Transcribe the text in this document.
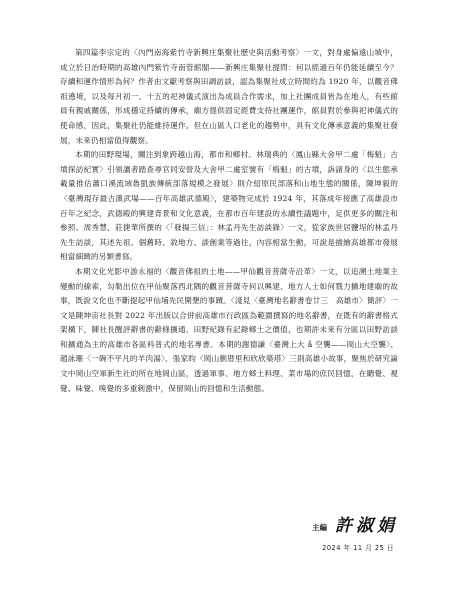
第四篇李宗定的〈內門南海紫竹寺新興庄集聚社歷史與活動考察〉一文，對身處偏遠山城中，成立於日治時期的高雄內門紫竹寺南管館閣——新興庄集聚社提問：何以經過百年仍能延續至今？存續和運作情形為何？作者由文獻考察與田調訪談，認為集聚社成立時間約為 1920 年，以觀音佛祖遶境，以及每月初一、十五的祀神儀式演出為成員合作需求，加上社團成員皆為在地人，有些館員有親戚關係，形成穩定持續的傳承，廟方提供固定經費支持社團運作，館員對於參與祀神儀式的使命感，因此，集聚社仍能維持運作。但在山區人口老化的趨勢中，具有文化傳承意義的集聚社發展，未來仍相當值得觀察。

本期的田野現場，關注到象跨越山海，都市和鄉村。林瑞典的〈鳳山縣大舍甲二處「梅魁」古墳探訪紀實〉引領讀者踏查尋官同安營及大舍甲二處室號有「梅魁」的古墳，訴諸身的〈以生態承載量推估蕭口溪流域魯凱族傳統部落規模之發展〉則介紹原民部落和山地生態的關係，陳坤毅的〈臺灣現存最古漢武場——百年高雄武德殿〉，建築物完成於 1924 年，其落成年接應了高雄設市百年之紀念，武德殿的興建背景和文化意義，在都市百年建設的永續性議題中，足供更多的關注和參照。周秀慧、莊捷華所撰的〈「發揚三信」：林孟丹先生訪談錄〉一文，從家族世居鹽埕的林孟丹先生訪談，其述先祖、個舊時、敘地方、談創業等過往，內容相當生動，可說是描繪高雄都市發展相當細緻的另類書寫。

本期文化光影中游永福的〈觀音佛祖的土地——甲仙觀音菩薩寺沿革〉一文，以追溯土地業主變動的線索，勾勒出位在甲仙聚落西北隅的觀音菩薩寺何以興建、地方人士如何戮力擴地建廟的故事，既說文化也不斷提起甲仙埔先民開墾的事蹟。〈淺見〈臺灣地名辭書卷廿三　高雄市〉簡評〉一文是陳坤宙社長對 2022 年出版以合併前高雄市行政區為範圍撰寫的地名辭書，在既有的辭書格式架構下，陳社長醒評辭書的辭條擴通、田野紀錄有記錄鄉土之價值，也期許未來有分區以田野訪談和擴通為主的高雄市各區科普式的地名專書。本期的謝德謙〈臺灣上大 å 空襲——岡山大空襲〉、趙詠珊〈一碗不平凡的羊肉湯〉、張家昀〈岡山劉厝里和欣欣築塔〉三則高雄小故事，聚焦於研究論文中岡山空軍新生社的所在地岡山區，透過軍事、地方鄉土料理、菜市場的庶民回憶，在聽覺、視覺、味覺、嗅覺的多重刺激中，保留岡山的回憶和生活動態。

主編 許淑娟
2024 年 11 月 25 日
